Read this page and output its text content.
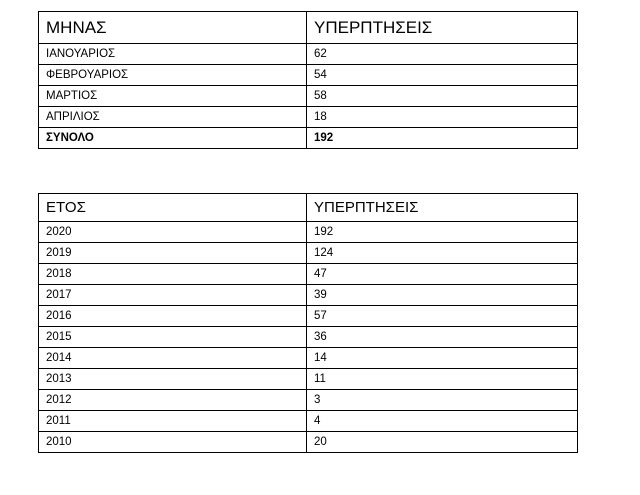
ΜΗΝΑΣ	ΥΠΕΡΠΤΗΣΕΙΣ
ΙΑΝΟΥΑΡΙΟΣ	62
ΦΕΒΡΟΥΑΡΙΟΣ	54
ΜΑΡΤΙΟΣ	58
ΑΠΡΙΛΙΟΣ	18
ΣΥΝΟΛΟ	192
ΕΤΟΣ	ΥΠΕΡΠΤΗΣΕΙΣ
2020	192
2019	124
2018	47
2017	39
2016	57
2015	36
2014	14
2013	11
2012	3
2011	4
2010	20
